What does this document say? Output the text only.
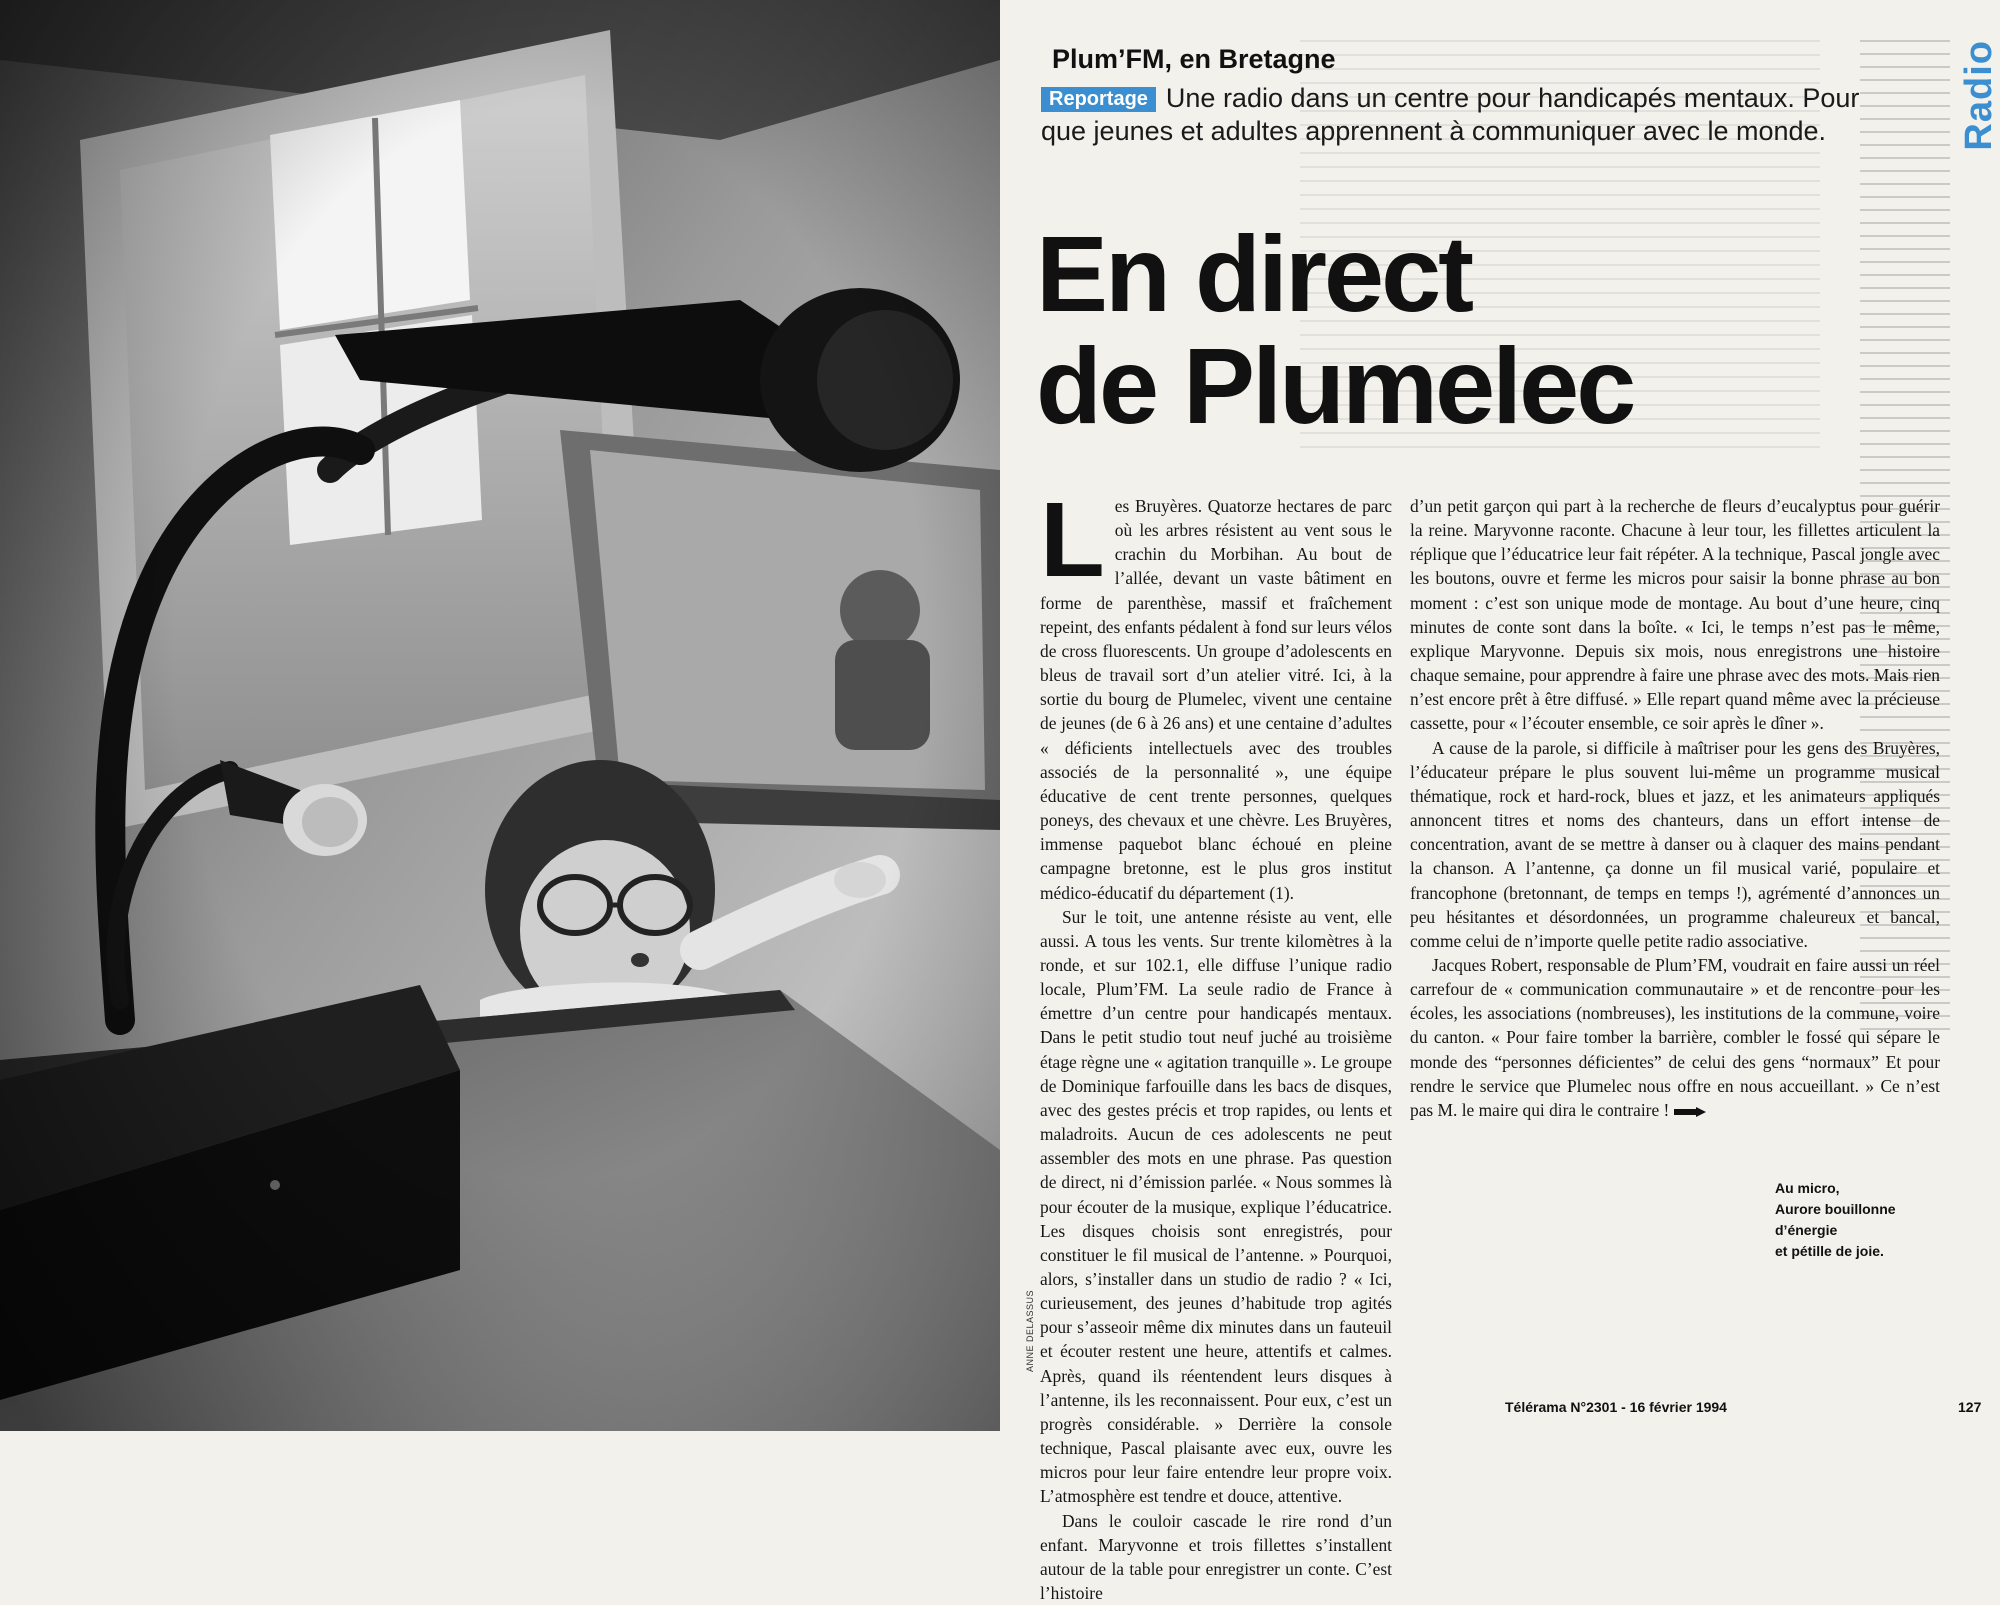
ANNE DELASSUS
Plum’FM, en Bretagne
Reportage Une radio dans un centre pour handicapés mentaux. Pour que jeunes et adultes apprennent à communiquer avec le monde.	Radio
En direct
de Plumelec

Les Bruyères. Quatorze hectares de parc où les arbres résistent au vent sous le crachin du Morbihan. Au bout de l’allée, devant un vaste bâtiment en forme de parenthèse, massif et fraîchement repeint, des enfants pédalent à fond sur leurs vélos de cross fluorescents. Un groupe d’adolescents en bleus de travail sort d’un atelier vitré. Ici, à la sortie du bourg de Plumelec, vivent une centaine de jeunes (de 6 à 26 ans) et une centaine d’adultes « déficients intellectuels avec des troubles associés de la personnalité », une équipe éducative de cent trente personnes, quelques poneys, des chevaux et une chèvre. Les Bruyères, immense paquebot blanc échoué en pleine campagne bretonne, est le plus gros institut médico-éducatif du département (1).

Sur le toit, une antenne résiste au vent, elle aussi. A tous les vents. Sur trente kilomètres à la ronde, et sur 102.1, elle diffuse l’unique radio locale, Plum’FM. La seule radio de France à émettre d’un centre pour handicapés mentaux. Dans le petit studio tout neuf juché au troisième étage règne une « agitation tranquille ». Le groupe de Dominique farfouille dans les bacs de disques, avec des gestes précis et trop rapides, ou lents et maladroits. Aucun de ces adolescents ne peut assembler des mots en une phrase. Pas question de direct, ni d’émission parlée. « Nous sommes là pour écouter de la musique, explique l’éducatrice. Les disques choisis sont enregistrés, pour constituer le fil musical de l’antenne. » Pourquoi, alors, s’installer dans un studio de radio ? « Ici, curieusement, des jeunes d’habitude trop agités pour s’asseoir même dix minutes dans un fauteuil et écouter restent une heure, attentifs et calmes. Après, quand ils réentendent leurs disques à l’antenne, ils les reconnaissent. Pour eux, c’est un progrès considérable. » Derrière la console technique, Pascal plaisante avec eux, ouvre les micros pour leur faire entendre leur propre voix. L’atmosphère est tendre et douce, attentive.

Dans le couloir cascade le rire rond d’un enfant. Maryvonne et trois fillettes s’installent autour de la table pour enregistrer un conte. C’est l’histoire

d’un petit garçon qui part à la recherche de fleurs d’eucalyptus pour guérir la reine. Maryvonne raconte. Chacune à leur tour, les fillettes articulent la réplique que l’éducatrice leur fait répéter. A la technique, Pascal jongle avec les boutons, ouvre et ferme les micros pour saisir la bonne phrase au bon moment : c’est son unique mode de montage. Au bout d’une heure, cinq minutes de conte sont dans la boîte. « Ici, le temps n’est pas le même, explique Maryvonne. Depuis six mois, nous enregistrons une histoire chaque semaine, pour apprendre à faire une phrase avec des mots. Mais rien n’est encore prêt à être diffusé. » Elle repart quand même avec la précieuse cassette, pour « l’écouter ensemble, ce soir après le dîner ».

A cause de la parole, si difficile à maîtriser pour les gens des Bruyères, l’éducateur prépare le plus souvent lui-même un programme musical thématique, rock et hard-rock, blues et jazz, et les animateurs appliqués annoncent titres et noms des chanteurs, dans un effort intense de concentration, avant de se mettre à danser ou à claquer des mains pendant la chanson. A l’antenne, ça donne un fil musical varié, populaire et francophone (bretonnant, de temps en temps !), agrémenté d’annonces un peu hésitantes et désordonnées, un programme chaleureux et bancal, comme celui de n’importe quelle petite radio associative.

Jacques Robert, responsable de Plum’FM, voudrait en faire aussi un réel carrefour de « communication communautaire » et de rencontre pour les écoles, les associations (nombreuses), les institutions de la commune, voire du canton. « Pour faire tomber la barrière, combler le fossé qui sépare le monde des “personnes déficientes” de celui des gens “normaux” Et pour rendre le service que Plumelec nous offre en nous accueillant. » Ce n’est pas M. le maire qui dira le contraire !

Au micro,
Aurore bouillonne
d’énergie
et pétille de joie.
Télérama N°2301 - 16 février 1994	127
